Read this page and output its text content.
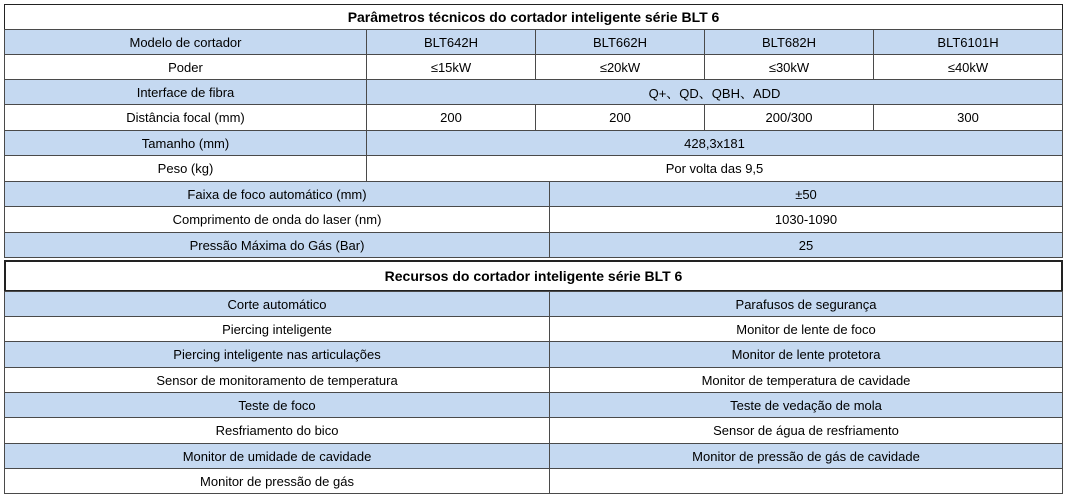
Parâmetros técnicos do cortador inteligente série BLT 6
Modelo de cortador	BLT642H	BLT662H	BLT682H	BLT6101H
Poder	≤15kW	≤20kW	≤30kW	≤40kW
Interface de fibra	Q+、QD、QBH、ADD
Distância focal (mm)	200	200	200/300	300
Tamanho (mm)	428,3x181
Peso (kg)	Por volta das 9,5
Faixa de foco automático (mm)	±50
Comprimento de onda do laser (nm)	1030-1090
Pressão Máxima do Gás (Bar)	25
Recursos do cortador inteligente série BLT 6
Corte automático	Parafusos de segurança
Piercing inteligente	Monitor de lente de foco
Piercing inteligente nas articulações	Monitor de lente protetora
Sensor de monitoramento de temperatura	Monitor de temperatura de cavidade
Teste de foco	Teste de vedação de mola
Resfriamento do bico	Sensor de água de resfriamento
Monitor de umidade de cavidade	Monitor de pressão de gás de cavidade
Monitor de pressão de gás
